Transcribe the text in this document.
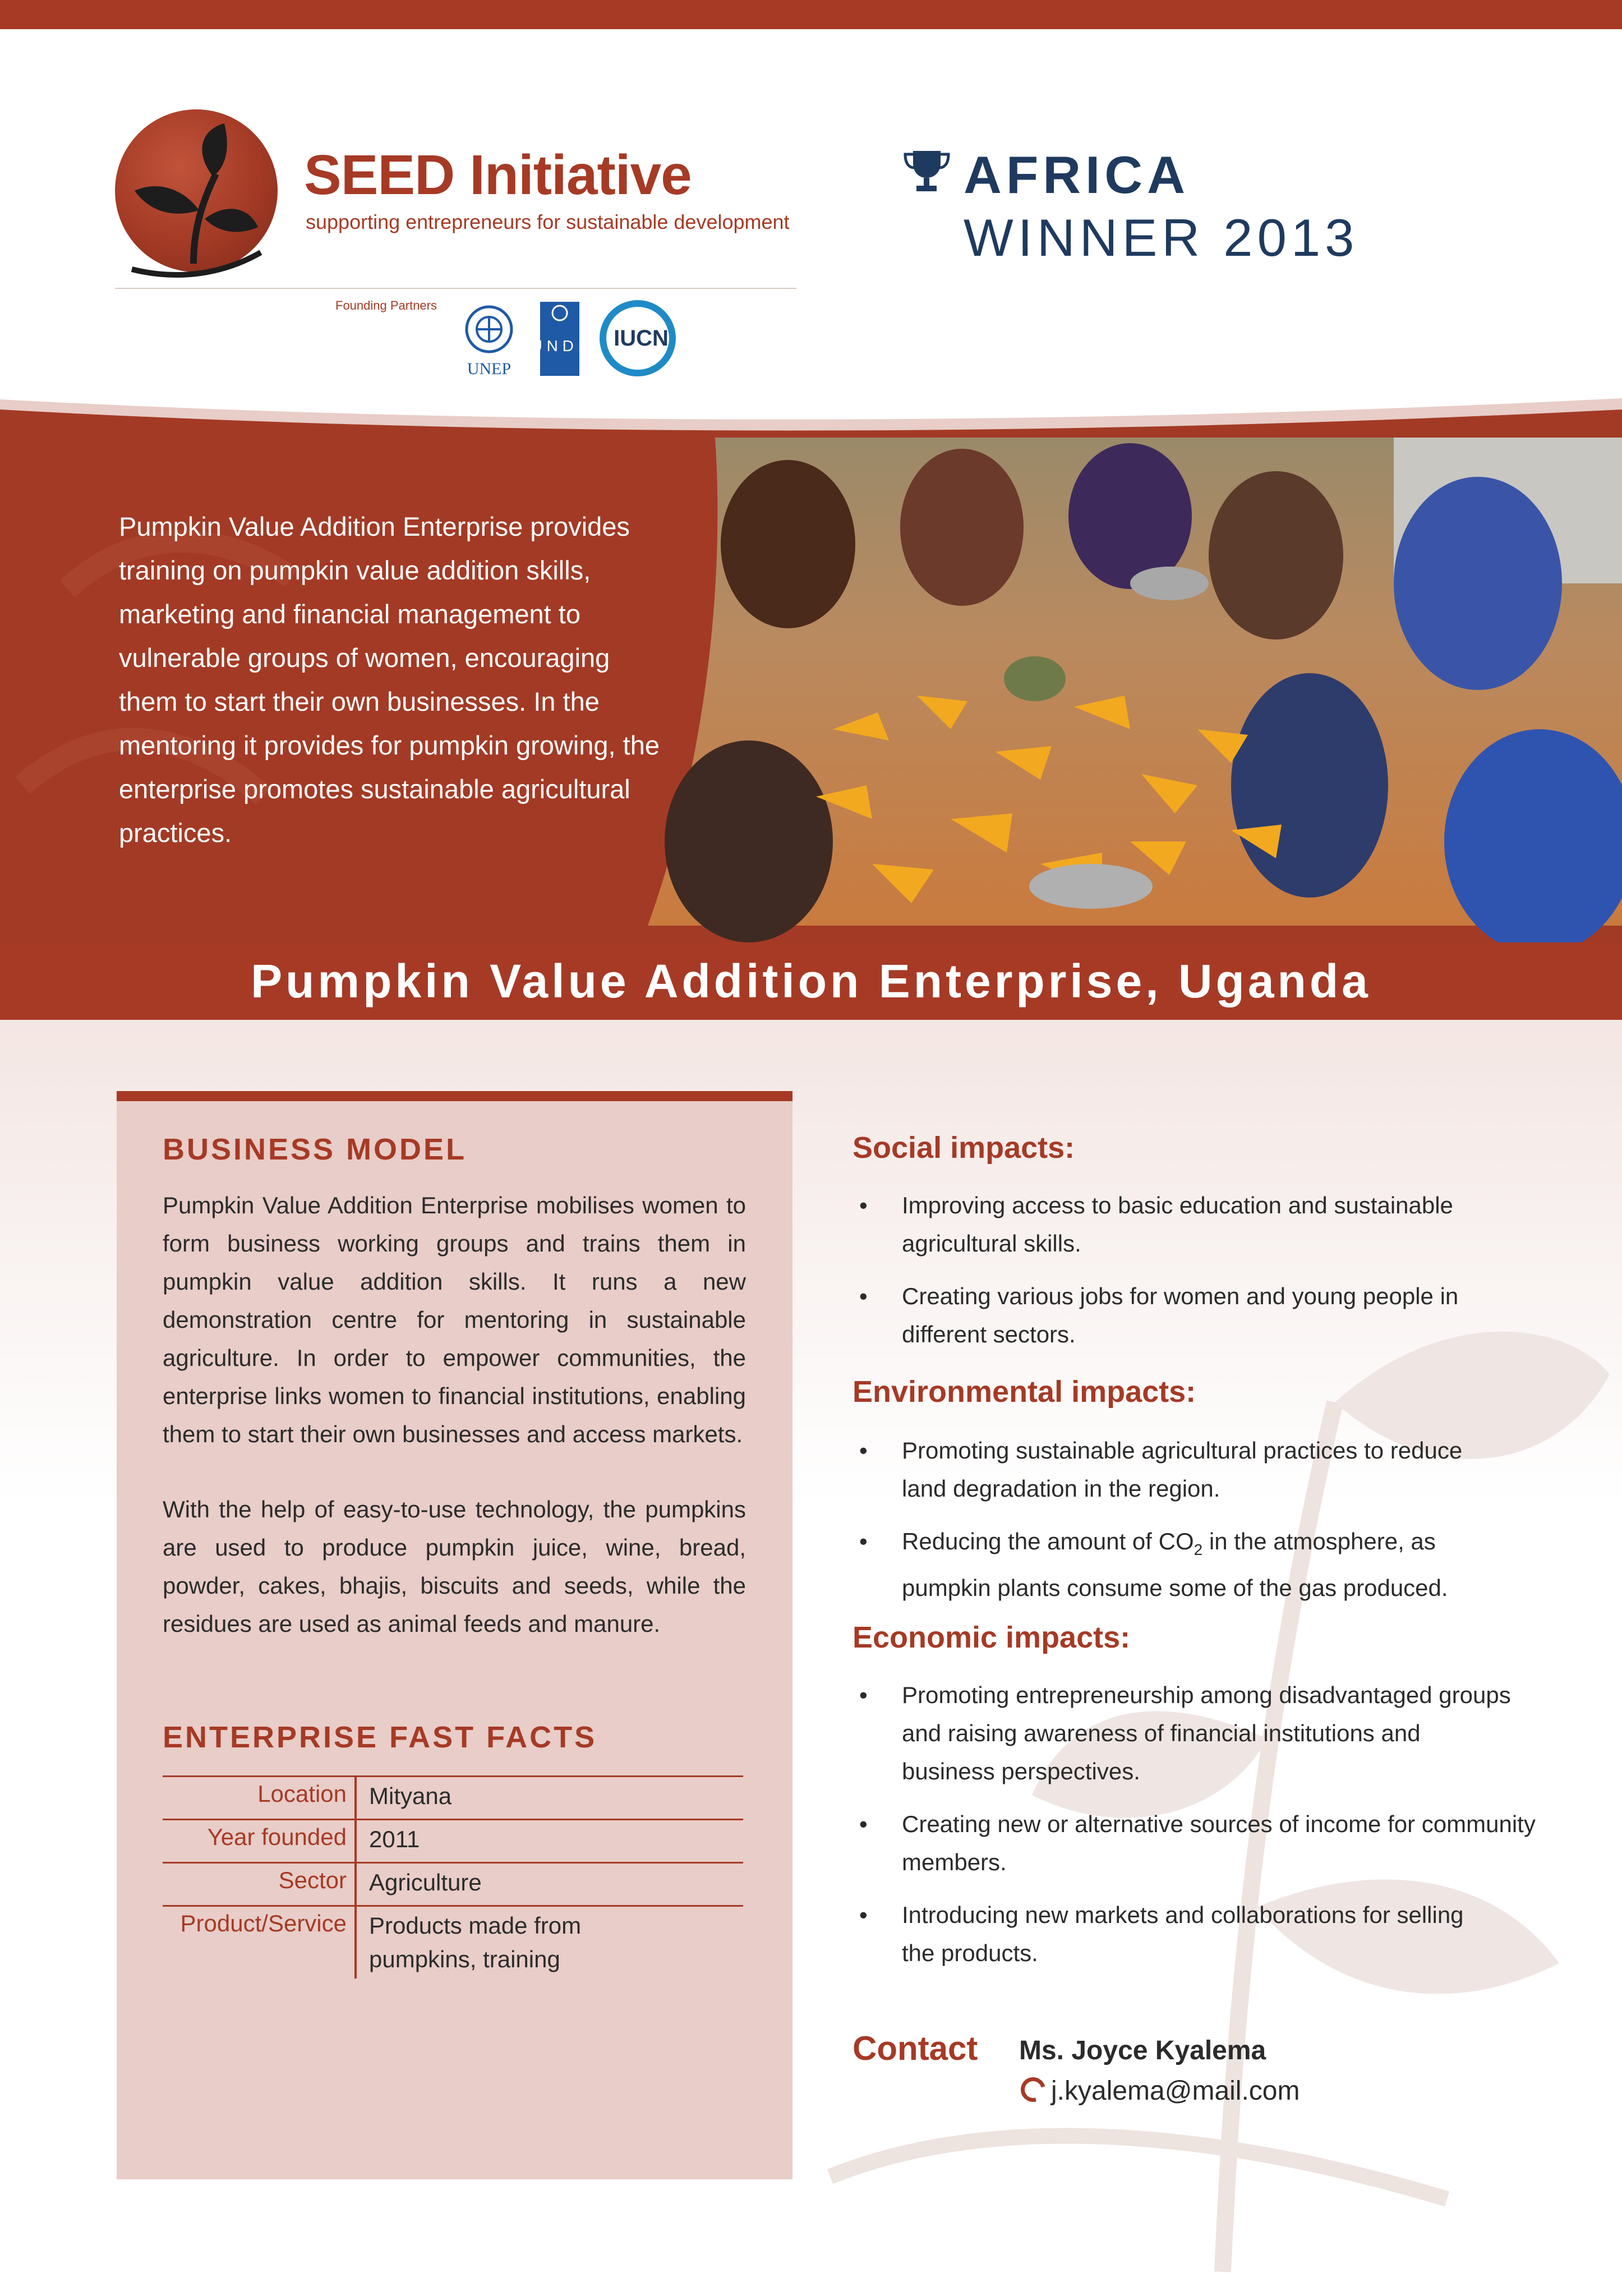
SEED Initiative
supporting entrepreneurs for sustainable development
Founding Partners
UNEP
U N D P IUCN
AFRICA
WINNER 2013
Pumpkin Value Addition Enterprise provides training on pumpkin value addition skills, marketing and financial management to vulnerable groups of women, encouraging them to start their own businesses. In the mentoring it provides for pumpkin growing, the enterprise promotes sustainable agricultural practices.
Pumpkin Value Addition Enterprise, Uganda
BUSINESS MODEL
Pumpkin Value Addition Enterprise mobilises women to form business working groups and trains them in pumpkin value addition skills. It runs a new demonstration centre for mentoring in sustainable agriculture. In order to empower communities, the enterprise links women to financial institutions, enabling them to start their own businesses and access markets.
With the help of easy-to-use technology, the pumpkins are used to produce pumpkin juice, wine, bread, powder, cakes, bhajis, biscuits and seeds, while the residues are used as animal feeds and manure.
ENTERPRISE FAST FACTS
Location Mityana
Year founded 2011
Sector Agriculture
Product/Service Products made from pumpkins, training
Social impacts:
• Improving access to basic education and sustainable agricultural skills.
• Creating various jobs for women and young people in different sectors.
Environmental impacts:
• Promoting sustainable agricultural practices to reduce land degradation in the region.
• Reducing the amount of $CO_2$ in the atmosphere, as pumpkin plants consume some of the gas produced.
Economic impacts:
• Promoting entrepreneurship among disadvantaged groups and raising awareness of financial institutions and business perspectives.
• Creating new or alternative sources of income for community members.
• Introducing new markets and collaborations for selling the products.
Contact Ms. Joyce Kyalema
j.kyalema@mail.com
